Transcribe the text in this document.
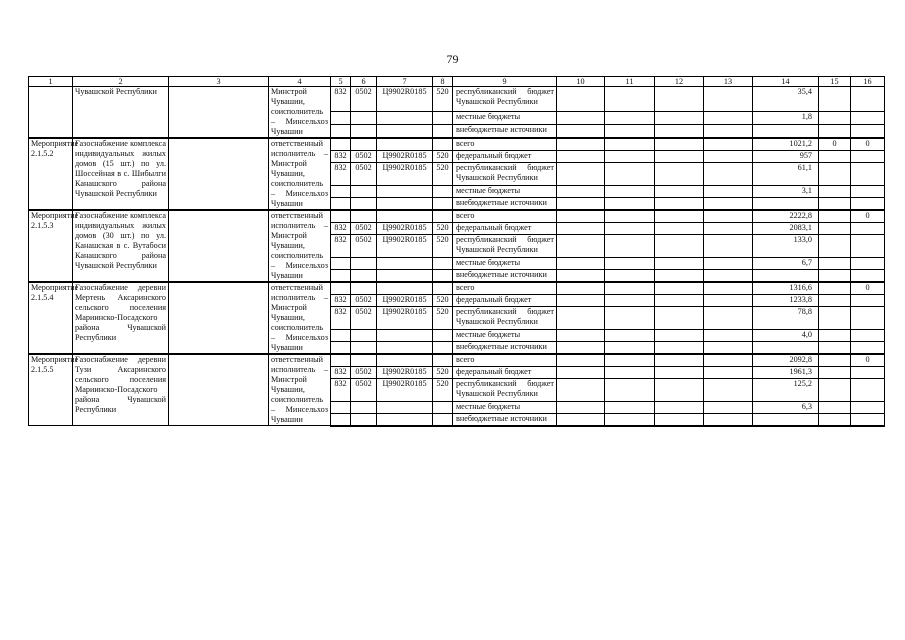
79
1	2	3	4	5	6	7	8	9	10	11	12	13	14	15	16
	Чувашской Республики		Минстрой Чувашии, соисполнитель – Минсельхоз Чувашии	832	0502	Ц9902R0185	520	республиканский бюджет Чувашской Республики					35,4		
								местные бюджеты					1,8		
								внебюджетные источники							
Мероприятие 2.1.5.2	Газоснабжение комплекса индивидуальных жилых домов (15 шт.) по ул. Шоссейная в с. Шибылги Канашского района Чувашской Республики		ответственный исполнитель – Минстрой Чувашии, соисполнитель – Минсельхоз Чувашии					всего					1021,2	0	0
				832	0502	Ц9902R0185	520	федеральный бюджет					957		
				832	0502	Ц9902R0185	520	республиканский бюджет Чувашской Республики					61,1		
								местные бюджеты					3,1		
								внебюджетные источники							
Мероприятие 2.1.5.3	Газоснабжение комплекса индивидуальных жилых домов (30 шт.) по ул. Канашская в с. Вутабоси Канашского района Чувашской Республики		ответственный исполнитель – Минстрой Чувашии, соисполнитель – Минсельхоз Чувашии					всего					2222,8		0
				832	0502	Ц9902R0185	520	федеральный бюджет					2083,1		
				832	0502	Ц9902R0185	520	республиканский бюджет Чувашской Республики					133,0		
								местные бюджеты					6,7		
								внебюджетные источники							
Мероприятие 2.1.5.4	Газоснабжение деревни Мертень Аксаринского сельского поселения Мариинско-Посадского района Чувашской Республики		ответственный исполнитель – Минстрой Чувашии, соисполнитель – Минсельхоз Чувашии					всего					1316,6		0
				832	0502	Ц9902R0185	520	федеральный бюджет					1233,8		
				832	0502	Ц9902R0185	520	республиканский бюджет Чувашской Республики					78,8		
								местные бюджеты					4,0		
								внебюджетные источники							
Мероприятие 2.1.5.5	Газоснабжение деревни Тузи Аксаринского сельского поселения Мариинско-Посадского района Чувашской Республики		ответственный исполнитель – Минстрой Чувашии, соисполнитель – Минсельхоз Чувашии					всего					2092,8		0
				832	0502	Ц9902R0185	520	федеральный бюджет					1961,3		
				832	0502	Ц9902R0185	520	республиканский бюджет Чувашской Республики					125,2		
								местные бюджеты					6,3		
								внебюджетные источники							
